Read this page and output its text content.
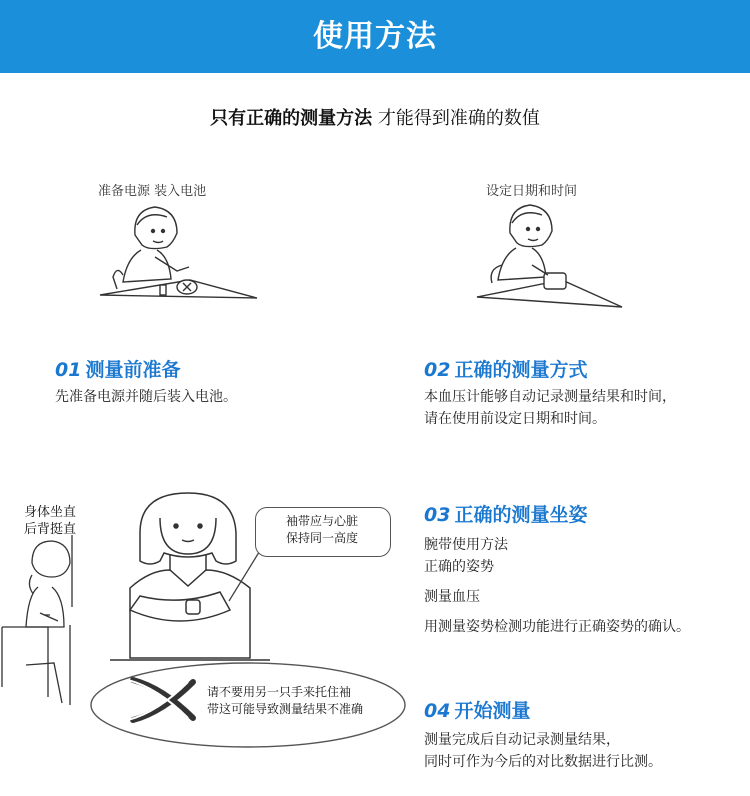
使用方法
只有正确的测量方法 才能得到准确的数值
准备电源 装入电池	设定日期和时间
01 测量前准备

先准备电源并随后装入电池。

02 正确的测量方式

本血压计能够自动记录测量结果和时间，

请在使用前设定日期和时间。

身体坐直
后背挺直
袖带应与心脏
保持同一高度
请不要用另一只手来托住袖
带这可能导致测量结果不准确
03 正确的测量坐姿

腕带使用方法

正确的姿势

测量血压

用测量姿势检测功能进行正确姿势的确认。

04 开始测量

测量完成后自动记录测量结果，

同时可作为今后的对比数据进行比测。
